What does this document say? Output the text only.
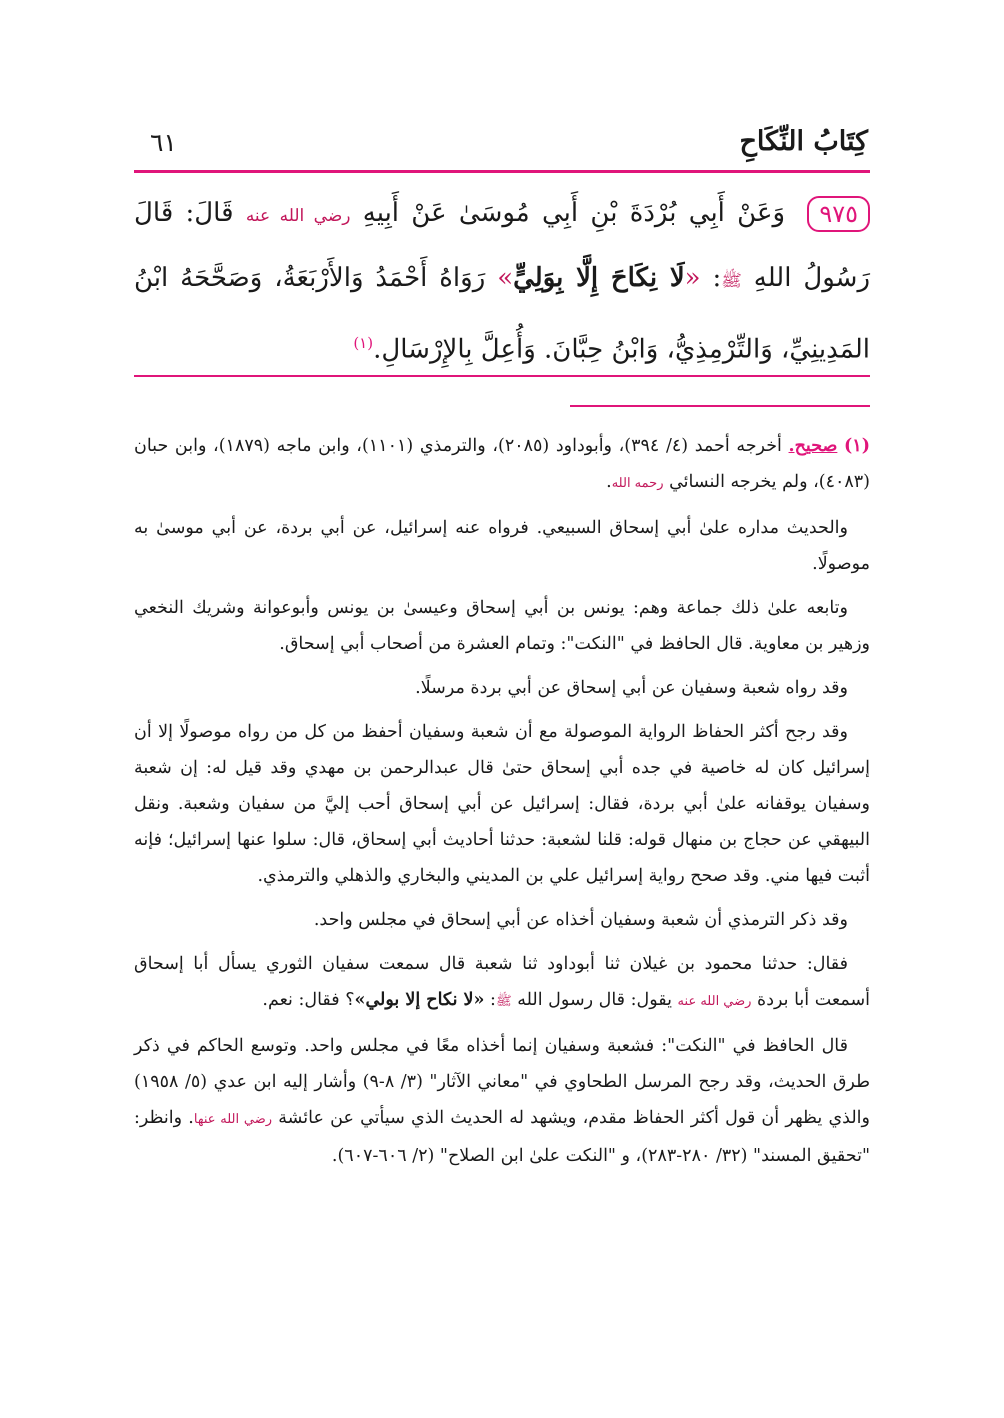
كِتَابُ النِّكَاحِ
٦١
٩٧٥ وَعَنْ أَبِي بُرْدَةَ بْنِ أَبِي مُوسَىٰ عَنْ أَبِيهِ رضي الله عنه قَالَ: قَالَ رَسُولُ اللهِ ﷺ: «لَا نِكَاحَ إِلَّا بِوَلِيٍّ» رَوَاهُ أَحْمَدُ وَالأَرْبَعَةُ، وَصَحَّحَهُ ابْنُ المَدِينِيِّ، وَالتِّرْمِذِيُّ، وَابْنُ حِبَّانَ. وَأُعِلَّ بِالإِرْسَالِ.$^{(١)}$

(١) صحيح. أخرجه أحمد (٤/ ٣٩٤)، وأبوداود (٢٠٨٥)، والترمذي (١١٠١)، وابن ماجه (١٨٧٩)، وابن حبان (٤٠٨٣)، ولم يخرجه النسائي رحمه الله.

والحديث مداره علىٰ أبي إسحاق السبيعي. فرواه عنه إسرائيل، عن أبي بردة، عن أبي موسىٰ به موصولًا.

وتابعه علىٰ ذلك جماعة وهم: يونس بن أبي إسحاق وعيسىٰ بن يونس وأبوعوانة وشريك النخعي وزهير بن معاوية. قال الحافظ في "النكت": وتمام العشرة من أصحاب أبي إسحاق.

وقد رواه شعبة وسفيان عن أبي إسحاق عن أبي بردة مرسلًا.

وقد رجح أكثر الحفاظ الرواية الموصولة مع أن شعبة وسفيان أحفظ من كل من رواه موصولًا إلا أن إسرائيل كان له خاصية في جده أبي إسحاق حتىٰ قال عبدالرحمن بن مهدي وقد قيل له: إن شعبة وسفيان يوقفانه علىٰ أبي بردة، فقال: إسرائيل عن أبي إسحاق أحب إليَّ من سفيان وشعبة. ونقل البيهقي عن حجاج بن منهال قوله: قلنا لشعبة: حدثنا أحاديث أبي إسحاق، قال: سلوا عنها إسرائيل؛ فإنه أثبت فيها مني. وقد صحح رواية إسرائيل علي بن المديني والبخاري والذهلي والترمذي.

وقد ذكر الترمذي أن شعبة وسفيان أخذاه عن أبي إسحاق في مجلس واحد.

فقال: حدثنا محمود بن غيلان ثنا أبوداود ثنا شعبة قال سمعت سفيان الثوري يسأل أبا إسحاق أسمعت أبا بردة رضي الله عنه يقول: قال رسول الله ﷺ: «لا نكاح إلا بولي»؟ فقال: نعم.

قال الحافظ في "النكت": فشعبة وسفيان إنما أخذاه معًا في مجلس واحد. وتوسع الحاكم في ذكر طرق الحديث، وقد رجح المرسل الطحاوي في "معاني الآثار" (٣/ ٨-٩) وأشار إليه ابن عدي (٥/ ١٩٥٨) والذي يظهر أن قول أكثر الحفاظ مقدم، ويشهد له الحديث الذي سيأتي عن عائشة رضي الله عنها. وانظر: "تحقيق المسند" (٣٢/ ٢٨٠-٢٨٣)، و "النكت علىٰ ابن الصلاح" (٢/ ٦٠٦-٦٠٧).
